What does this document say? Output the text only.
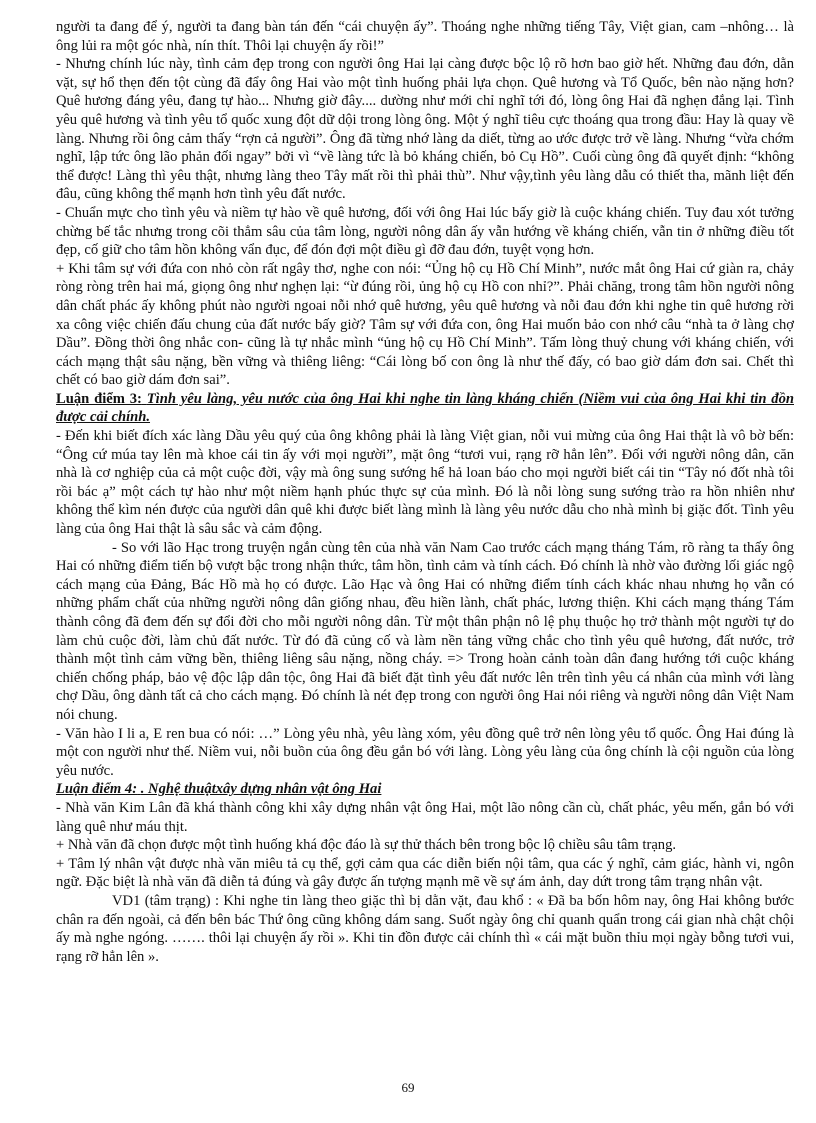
người ta đang để ý, người ta đang bàn tán đến “cái chuyện ấy”. Thoáng nghe những tiếng Tây, Việt gian, cam –nhông… là ông lủi ra một góc nhà, nín thít. Thôi lại chuyện ấy rồi!”

- Nhưng chính lúc này, tình cảm đẹp trong con người ông Hai lại càng được bộc lộ rõ hơn bao giờ hết. Những đau đớn, dằn vặt, sự hổ thẹn đến tột cùng đã đẩy ông Hai vào một tình huống phải lựa chọn. Quê hương và Tổ Quốc, bên nào nặng hơn? Quê hương đáng yêu, đang tự hào... Nhưng giờ đây.... dường như mới chỉ nghĩ tới đó, lòng ông Hai đã nghẹn đắng lại. Tình yêu quê hương và tình yêu tổ quốc xung đột dữ dội trong lòng ông. Một ý nghĩ tiêu cực thoáng qua trong đầu: Hay là quay về làng. Nhưng rồi ông cảm thấy “rợn cả người”. Ông đã từng nhớ làng da diết, từng ao ước được trở về làng. Nhưng “vừa chớm nghĩ, lập tức ông lão phản đối ngay” bởi vì “về làng tức là bỏ kháng chiến, bỏ Cụ Hồ”. Cuối cùng ông đã quyết định: “không thể được! Làng thì yêu thật, nhưng làng theo Tây mất rồi thì phải thù”. Như vậy,tình yêu làng dẫu có thiết tha, mãnh liệt đến đâu, cũng không thể mạnh hơn tình yêu đất nước.

- Chuẩn mực cho tình yêu và niềm tự hào về quê hương, đối với ông Hai lúc bấy giờ là cuộc kháng chiến. Tuy đau xót tưởng chừng bế tắc nhưng trong cõi thẳm sâu của tâm lòng, người nông dân ấy vẫn hướng về kháng chiến, vẫn tin ở những điều tốt đẹp, cố giữ cho tâm hồn không vẩn đục, để đón đợi một điều gì đỡ đau đớn, tuyệt vọng hơn.

+ Khi tâm sự với đứa con nhỏ còn rất ngây thơ, nghe con nói: “Ủng hộ cụ Hồ Chí Minh”, nước mắt ông Hai cứ giàn ra, chảy ròng ròng trên hai má, giọng ông như nghẹn lại: “ừ đúng rồi, ủng hộ cụ Hồ con nhỉ?”. Phải chăng, trong tâm hồn người nông dân chất phác ấy không phút nào người ngoai nỗi nhớ quê hương, yêu quê hương và nỗi đau đớn khi nghe tin quê hương rời xa công việc chiến đấu chung của đất nước bấy giờ? Tâm sự với đứa con, ông Hai muốn bảo con nhớ câu “nhà ta ở làng chợ Dầu”. Đồng thời ông nhắc con- cũng là tự nhắc mình “ủng hộ cụ Hồ Chí Minh”. Tấm lòng thuỷ chung với kháng chiến, với cách mạng thật sâu nặng, bền vững và thiêng liêng: “Cái lòng bố con ông là như thế đấy, có bao giờ dám đơn sai. Chết thì chết có bao giờ dám đơn sai”.

Luận điểm 3: Tình yêu làng, yêu nước của ông Hai khi nghe tin làng kháng chiến (Niềm vui của ông Hai khi tin đồn được cải chính.

- Đến khi biết đích xác làng Dầu yêu quý của ông không phải là làng Việt gian, nỗi vui mừng của ông Hai thật là vô bờ bến: “Ông cứ múa tay lên mà khoe cái tin ấy với mọi người”, mặt ông “tươi vui, rạng rỡ hẳn lên”. Đối với người nông dân, căn nhà là cơ nghiệp của cả một cuộc đời, vậy mà ông sung sướng hể hả loan báo cho mọi người biết cái tin “Tây nó đốt nhà tôi rồi bác ạ” một cách tự hào như một niềm hạnh phúc thực sự của mình. Đó là nỗi lòng sung sướng trào ra hồn nhiên như không thể kìm nén được của người dân quê khi được biết làng mình là làng yêu nước dẫu cho nhà mình bị giặc đốt. Tình yêu làng của ông Hai thật là sâu sắc và cảm động.

- So với lão Hạc trong truyện ngắn cùng tên của nhà văn Nam Cao trước cách mạng tháng Tám, rõ ràng ta thấy ông Hai có những điểm tiến bộ vượt bậc trong nhận thức, tâm hồn, tình cảm và tính cách. Đó chính là nhờ vào đường lối giác ngộ cách mạng của Đảng, Bác Hồ mà họ có được. Lão Hạc và ông Hai có những điểm tính cách khác nhau nhưng họ vẫn có những phẩm chất của những người nông dân giống nhau, đều hiền lành, chất phác, lương thiện. Khi cách mạng tháng Tám thành công đã đem đến sự đổi đời cho mỗi người nông dân. Từ một thân phận nô lệ phụ thuộc họ trở thành một người tự do làm chủ cuộc đời, làm chủ đất nước. Từ đó đã củng cố và làm nền tảng vững chắc cho tình yêu quê hương, đất nước, trở thành một tình cảm vững bền, thiêng liêng sâu nặng, nồng cháy. => Trong hoàn cảnh toàn dân đang hướng tới cuộc kháng chiến chống pháp, bảo vệ độc lập dân tộc, ông Hai đã biết đặt tình yêu đất nước lên trên tình yêu cá nhân của mình với làng chợ Dầu, ông dành tất cả cho cách mạng. Đó chính là nét đẹp trong con người ông Hai nói riêng và người nông dân Việt Nam nói chung.

- Văn hào I li a, E ren bua có nói: …” Lòng yêu nhà, yêu làng xóm, yêu đồng quê trở nên lòng yêu tổ quốc. Ông Hai đúng là một con người như thế. Niềm vui, nỗi buồn của ông đều gắn bó với làng. Lòng yêu làng của ông chính là cội nguồn của lòng yêu nước.

Luận điểm 4: . Nghệ thuậtxây dựng nhân vật ông Hai

- Nhà văn Kim Lân đã khá thành công khi xây dựng nhân vật ông Hai, một lão nông cần cù, chất phác, yêu mến, gắn bó với làng quê như máu thịt.

+ Nhà văn đã chọn được một tình huống khá độc đáo là sự thử thách bên trong bộc lộ chiều sâu tâm trạng.

+ Tâm lý nhân vật được nhà văn miêu tả cụ thể, gợi cảm qua các diễn biến nội tâm, qua các ý nghĩ, cảm giác, hành vi, ngôn ngữ. Đặc biệt là nhà văn đã diễn tả đúng và gây được ấn tượng mạnh mẽ về sự ám ảnh, day dứt trong tâm trạng nhân vật.

VD1 (tâm trạng) : Khi nghe tin làng theo giặc thì bị dằn vặt, đau khổ : « Đã ba bốn hôm nay, ông Hai không bước chân ra đến ngoài, cả đến bên bác Thứ ông cũng không dám sang. Suốt ngày ông chỉ quanh quẩn trong cái gian nhà chật chội ấy mà nghe ngóng. ……. thôi lại chuyện ấy rồi ». Khi tin đồn được cải chính thì « cái mặt buồn thỉu mọi ngày bỗng tươi vui, rạng rỡ hẳn lên ».

69
